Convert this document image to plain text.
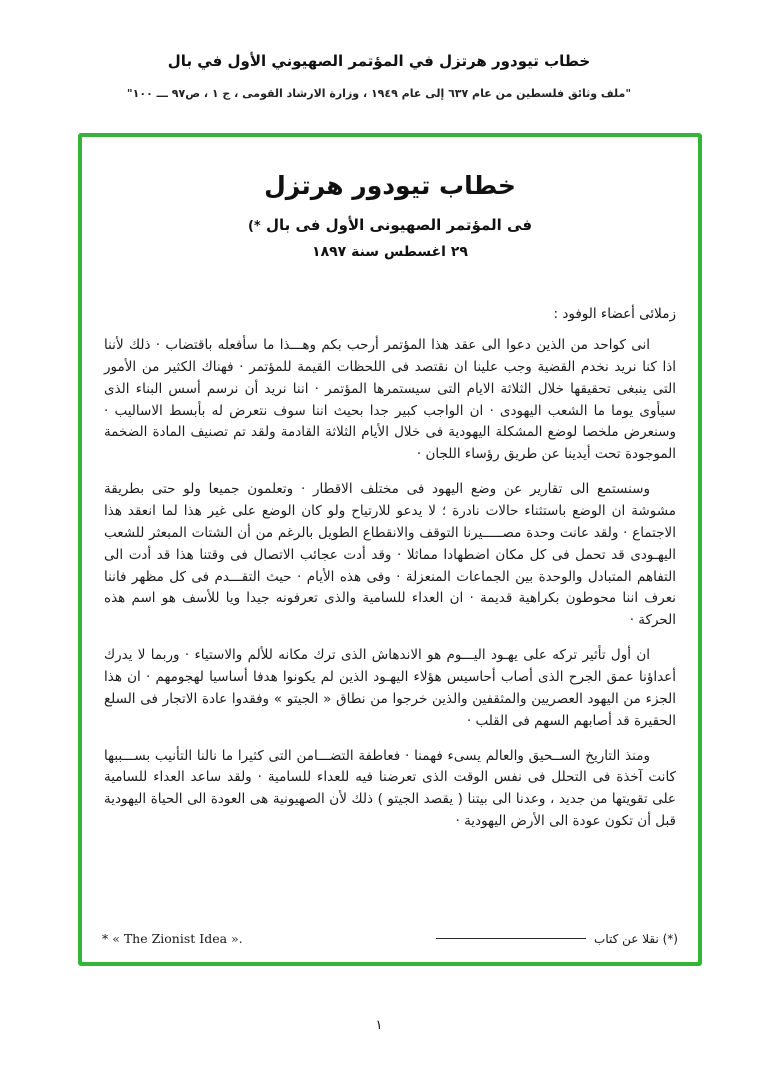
خطاب تيودور هرتزل في المؤتمر الصهيوني الأول في بال
"ملف وثائق فلسطين من عام ٦٣٧ إلى عام ١٩٤٩ ، وزارة الارشاد القومى ، ج ١ ، ص٩٧ ـــ ١٠٠"
خطاب تيودور هرتزل
فى المؤتمر الصهيونى الأول فى بال (*
٢٩ اغسطس سنة ١٨٩٧
زملائى أعضاء الوفود :

انى كواحد من الذين دعوا الى عقد هذا المؤتمر أرحب بكم وهـــذا ما سأفعله باقتضاب · ذلك لأننا اذا كنا نريد نخدم القضية وجب علينا ان نقتصد فى اللحظات القيمة للمؤتمر · فهناك الكثير من الأمور التى ينبغى تحقيقها خلال الثلاثة الايام التى سيستمرها المؤتمر · اننا نريد أن نرسم أسس البناء الذى سيأوى يوما ما الشعب اليهودى · ان الواجب كبير جدا بحيث اننا سوف نتعرض له بأبسط الاساليب · وسنعرض ملخصا لوضع المشكلة اليهودية فى خلال الأيام الثلاثة القادمة ولقد تم تصنيف المادة الضخمة الموجودة تحت أيدينا عن طريق رؤساء اللجان ·

وسنستمع الى تقارير عن وضع اليهود فى مختلف الاقطار · وتعلمون جميعا ولو حتى بطريقة مشوشة ان الوضع باستثناء حالات نادرة ؛ لا يدعو للارتياح ولو كان الوضع على غير هذا لما انعقد هذا الاجتماع · ولقد عانت وحدة مصـــــيرنا التوقف والانقطاع الطويل بالرغم من أن الشتات المبعثر للشعب اليهـودى قد تحمل فى كل مكان اضطهادا مماثلا · وقد أدت عجائب الاتصال فى وقتنا هذا قد أدت الى التفاهم المتبادل والوحدة بين الجماعات المنعزلة · وفى هذه الأيام · حيث التقـــدم فى كل مظهر فاننا نعرف اننا محوطون بكراهية قديمة · ان العداء للسامية والذى تعرفونه جيدا ويا للأسف هو اسم هذه الحركة ·

ان أول تأثير تركه على يهـود اليـــوم هو الاندهاش الذى ترك مكانه للألم والاستياء · وربما لا يدرك أعداؤنا عمق الجرح الذى أصاب أحاسيس هؤلاء اليهـود الذين لم يكونوا هدفا أساسيا لهجومهم · ان هذا الجزء من اليهود العصريين والمثقفين والذين خرجوا من نطاق « الجيتو » وفقدوا عادة الاتجار فى السلع الحقيرة قد أصابهم السهم فى القلب ·

ومنذ التاريخ الســحيق والعالم يسىء فهمنا · فعاطفة التضـــامن التى كثيرا ما نالنا التأنيب بســـببها كانت آخذة فى التحلل فى نفس الوقت الذى تعرضنا فيه للعداء للسامية · ولقد ساعد العداء للسامية على تقويتها من جديد ، وعدنا الى بيتنا ( يقصد الجيتو ) ذلك لأن الصهيونية هى العودة الى الحياة اليهودية قبل أن تكون عودة الى الأرض اليهودية ·

* « The Zionist Idea ».	(*) نقلا عن كتاب
١
